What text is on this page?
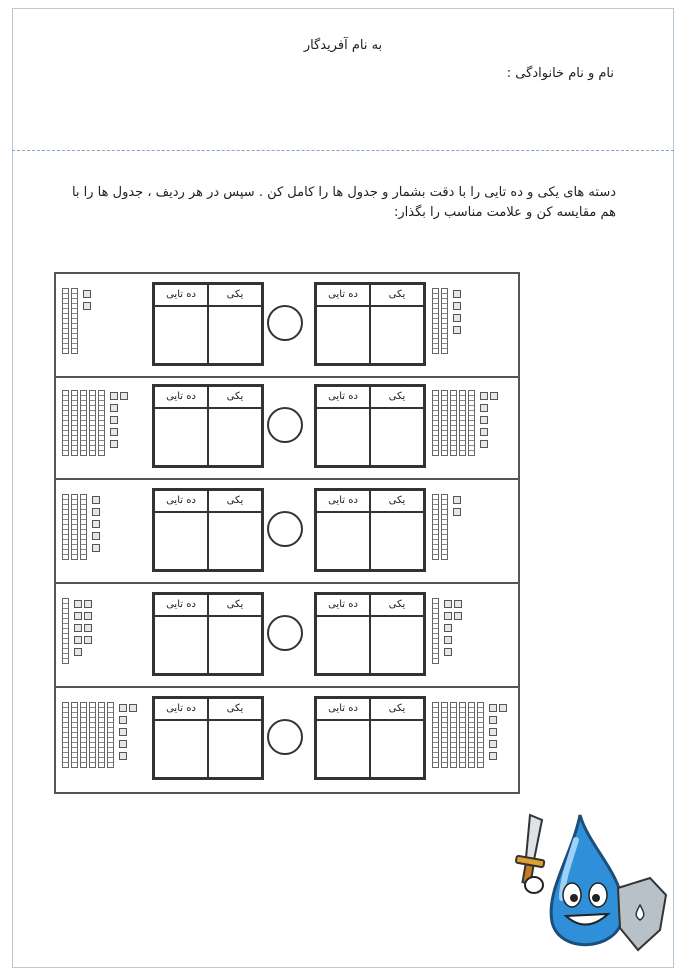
به نام آفریدگار
نام و نام خانوادگی :
دسته های یکی و ده تایی را با دقت بشمار و جدول ها را کامل کن . سپس در هر ردیف ، جدول ها را با هم مقایسه کن و علامت مناسب را بگذار:
ده تایی	یکی	ده تایی	یکی
ده تایی	یکی	ده تایی	یکی
ده تایی	یکی	ده تایی	یکی
ده تایی	یکی	ده تایی	یکی
ده تایی	یکی	ده تایی	یکی
